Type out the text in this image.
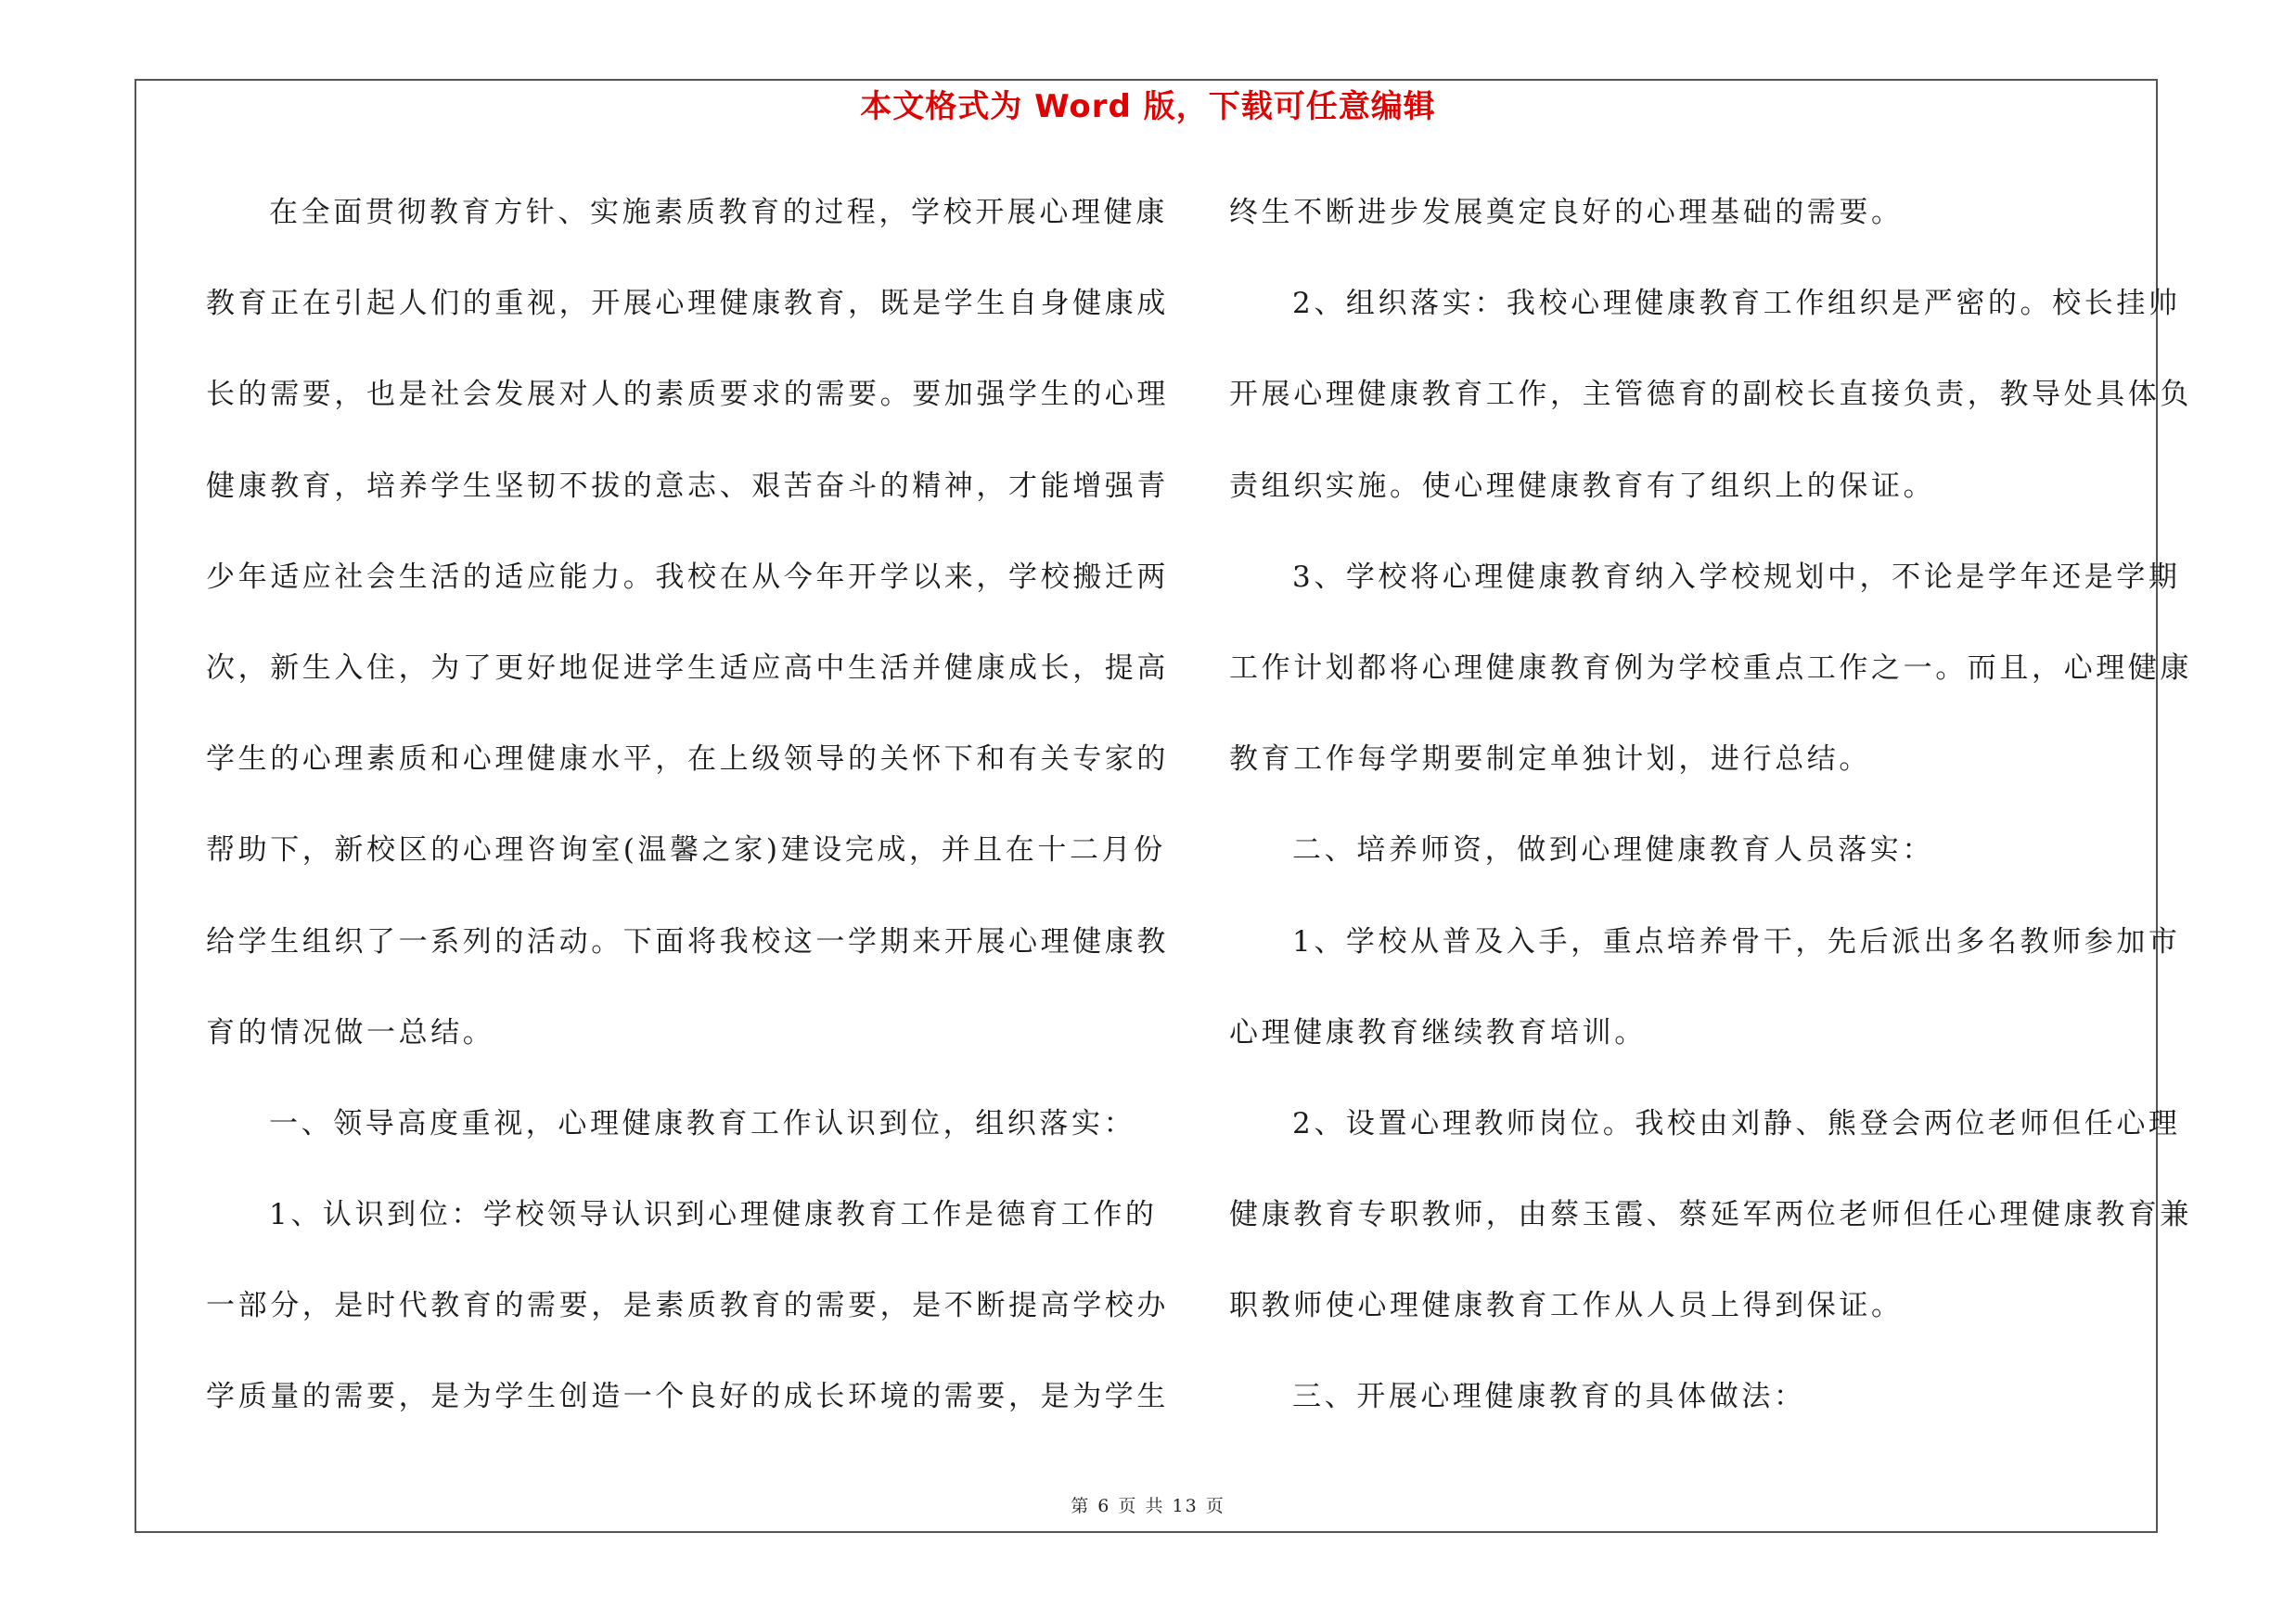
本文格式为 Word 版，下载可任意编辑
在全面贯彻教育方针、实施素质教育的过程，学校开展心理健康
教育正在引起人们的重视，开展心理健康教育，既是学生自身健康成
长的需要，也是社会发展对人的素质要求的需要。要加强学生的心理
健康教育，培养学生坚韧不拔的意志、艰苦奋斗的精神，才能增强青
少年适应社会生活的适应能力。我校在从今年开学以来，学校搬迁两
次，新生入住，为了更好地促进学生适应高中生活并健康成长，提高
学生的心理素质和心理健康水平，在上级领导的关怀下和有关专家的
帮助下，新校区的心理咨询室(温馨之家)建设完成，并且在十二月份
给学生组织了一系列的活动。下面将我校这一学期来开展心理健康教
育的情况做一总结。
一、领导高度重视，心理健康教育工作认识到位，组织落实：
1、认识到位：学校领导认识到心理健康教育工作是德育工作的
一部分，是时代教育的需要，是素质教育的需要，是不断提高学校办
学质量的需要，是为学生创造一个良好的成长环境的需要，是为学生
终生不断进步发展奠定良好的心理基础的需要。
2、组织落实：我校心理健康教育工作组织是严密的。校长挂帅
开展心理健康教育工作，主管德育的副校长直接负责，教导处具体负
责组织实施。使心理健康教育有了组织上的保证。
3、学校将心理健康教育纳入学校规划中，不论是学年还是学期
工作计划都将心理健康教育例为学校重点工作之一。而且，心理健康
教育工作每学期要制定单独计划，进行总结。
二、培养师资，做到心理健康教育人员落实：
1、学校从普及入手，重点培养骨干，先后派出多名教师参加市
心理健康教育继续教育培训。
2、设置心理教师岗位。我校由刘静、熊登会两位老师但任心理
健康教育专职教师，由蔡玉霞、蔡延军两位老师但任心理健康教育兼
职教师使心理健康教育工作从人员上得到保证。
三、开展心理健康教育的具体做法：
第 6 页 共 13 页
